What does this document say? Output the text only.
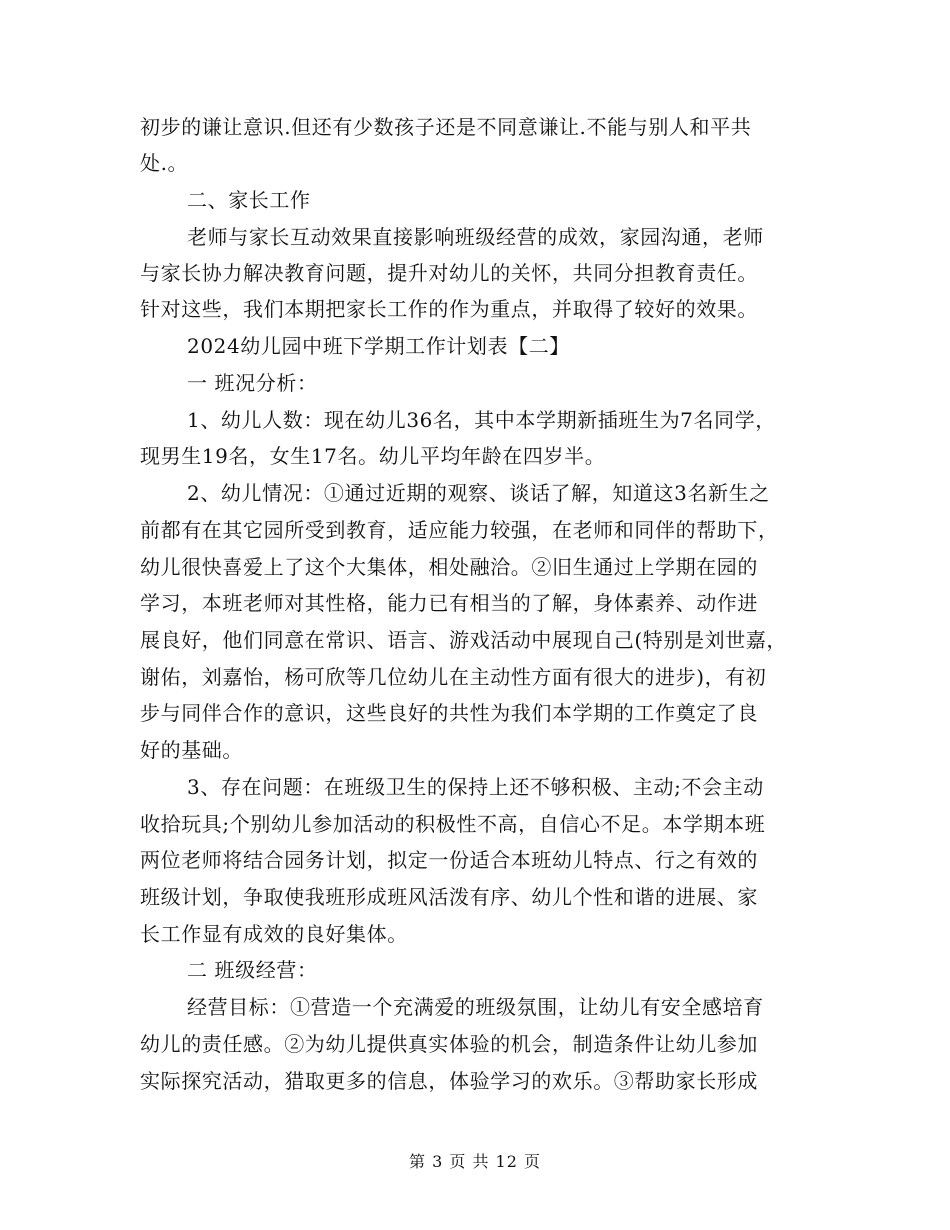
初步的谦让意识.但还有少数孩子还是不同意谦让.不能与别人和平共
处.。
二、家长工作
老师与家长互动效果直接影响班级经营的成效，家园沟通，老师
与家长协力解决教育问题，提升对幼儿的关怀，共同分担教育责任。
针对这些，我们本期把家长工作的作为重点，并取得了较好的效果。
2024幼儿园中班下学期工作计划表【二】
一 班况分析：
1、幼儿人数：现在幼儿36名，其中本学期新插班生为7名同学，
现男生19名，女生17名。幼儿平均年龄在四岁半。
2、幼儿情况：①通过近期的观察、谈话了解，知道这3名新生之
前都有在其它园所受到教育，适应能力较强，在老师和同伴的帮助下，
幼儿很快喜爱上了这个大集体，相处融洽。②旧生通过上学期在园的
学习，本班老师对其性格，能力已有相当的了解，身体素养、动作进
展良好，他们同意在常识、语言、游戏活动中展现自己(特别是刘世嘉，
谢佑，刘嘉怡，杨可欣等几位幼儿在主动性方面有很大的进步)，有初
步与同伴合作的意识，这些良好的共性为我们本学期的工作奠定了良
好的基础。
3、存在问题：在班级卫生的保持上还不够积极、主动;不会主动
收拾玩具;个别幼儿参加活动的积极性不高，自信心不足。本学期本班
两位老师将结合园务计划，拟定一份适合本班幼儿特点、行之有效的
班级计划，争取使我班形成班风活泼有序、幼儿个性和谐的进展、家
长工作显有成效的良好集体。
二 班级经营：
经营目标：①营造一个充满爱的班级氛围，让幼儿有安全感培育
幼儿的责任感。②为幼儿提供真实体验的机会，制造条件让幼儿参加
实际探究活动，猎取更多的信息，体验学习的欢乐。③帮助家长形成
第 3 页 共 12 页
